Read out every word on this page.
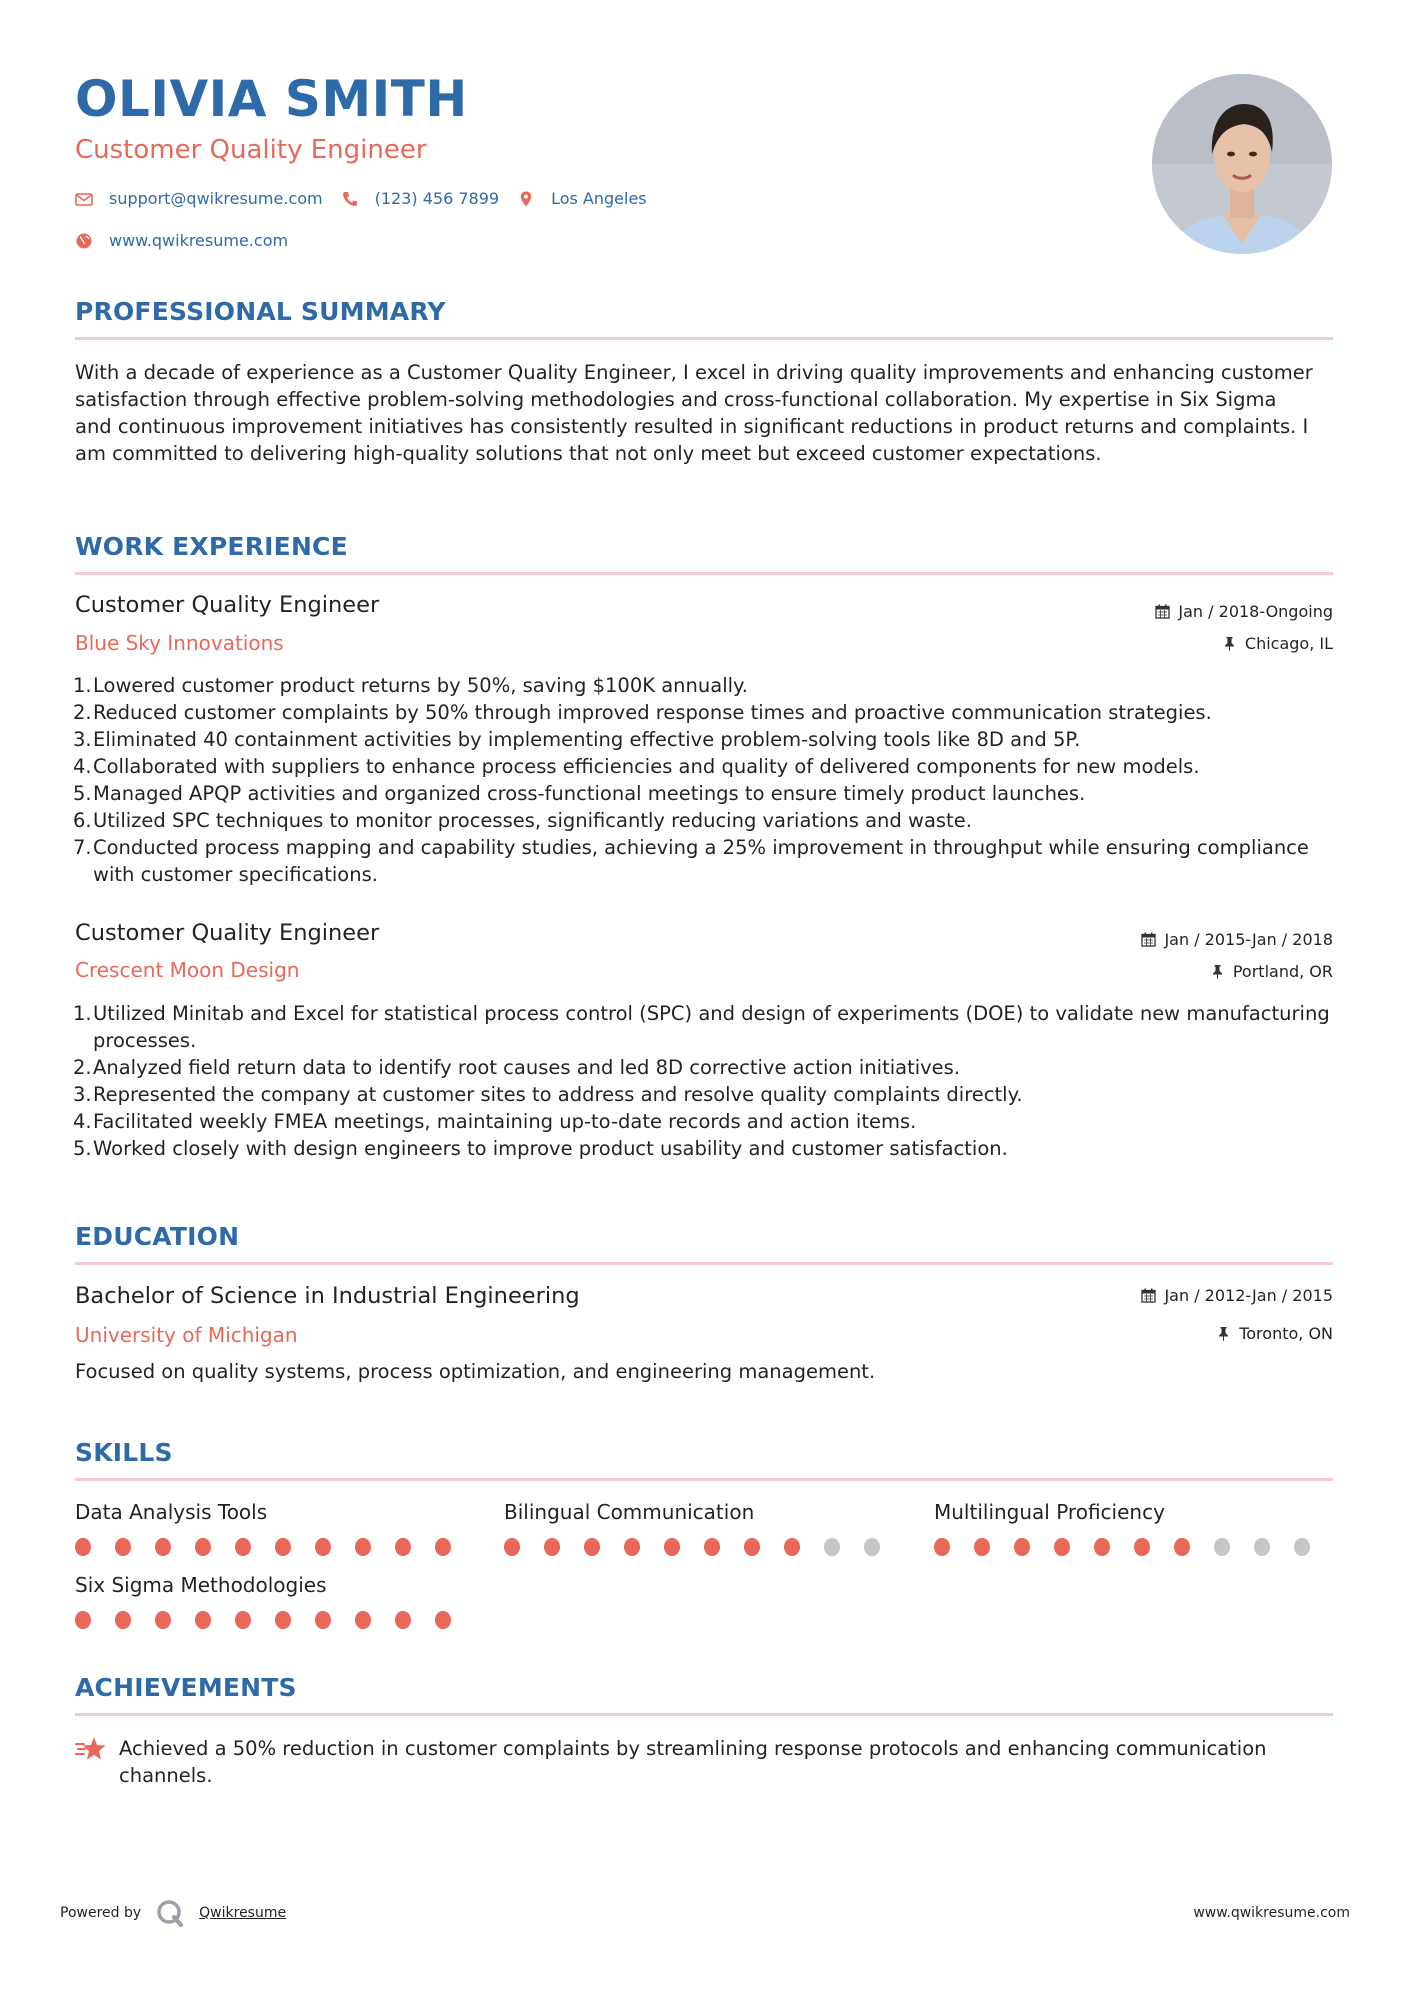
OLIVIA SMITH
Customer Quality Engineer
support@qwikresume.com	(123) 456 7899	Los Angeles
www.qwikresume.com
PROFESSIONAL SUMMARY
With a decade of experience as a Customer Quality Engineer, I excel in driving quality improvements and enhancing customer satisfaction through effective problem-solving methodologies and cross-functional collaboration. My expertise in Six Sigma and continuous improvement initiatives has consistently resulted in significant reductions in product returns and complaints. I am committed to delivering high-quality solutions that not only meet but exceed customer expectations.
WORK EXPERIENCE
Customer Quality Engineer
Blue Sky Innovations
Jan / 2018-Ongoing
Chicago, IL
1. Lowered customer product returns by 50%, saving $100K annually.
2. Reduced customer complaints by 50% through improved response times and proactive communication strategies.
3. Eliminated 40 containment activities by implementing effective problem-solving tools like 8D and 5P.
4. Collaborated with suppliers to enhance process efficiencies and quality of delivered components for new models.
5. Managed APQP activities and organized cross-functional meetings to ensure timely product launches.
6. Utilized SPC techniques to monitor processes, significantly reducing variations and waste.
7. Conducted process mapping and capability studies, achieving a 25% improvement in throughput while ensuring compliance with customer specifications.
Customer Quality Engineer
Crescent Moon Design
Jan / 2015-Jan / 2018
Portland, OR
1. Utilized Minitab and Excel for statistical process control (SPC) and design of experiments (DOE) to validate new manufacturing processes.
2. Analyzed field return data to identify root causes and led 8D corrective action initiatives.
3. Represented the company at customer sites to address and resolve quality complaints directly.
4. Facilitated weekly FMEA meetings, maintaining up-to-date records and action items.
5. Worked closely with design engineers to improve product usability and customer satisfaction.
EDUCATION
Bachelor of Science in Industrial Engineering
University of Michigan
Jan / 2012-Jan / 2015
Toronto, ON
Focused on quality systems, process optimization, and engineering management.
SKILLS
Data Analysis Tools	Bilingual Communication	Multilingual Proficiency
Six Sigma Methodologies
ACHIEVEMENTS
Achieved a 50% reduction in customer complaints by streamlining response protocols and enhancing communication channels.
Powered by	Qwikresume	www.qwikresume.com
